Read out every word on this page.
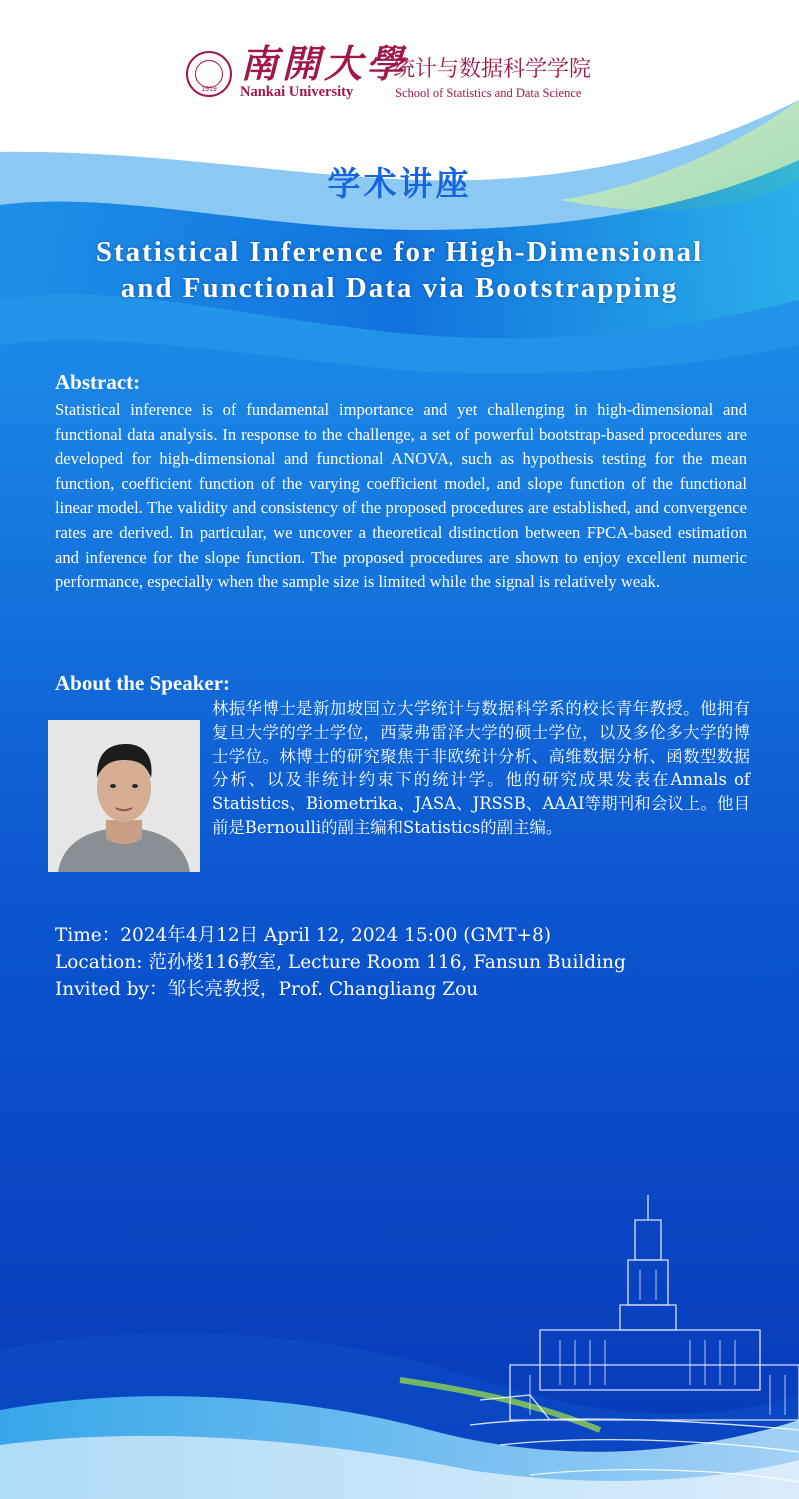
1919
南開大學
Nankai University
统计与数据科学学院
School of Statistics and Data Science
学术讲座
Statistical Inference for High-Dimensional
and Functional Data via Bootstrapping
Abstract:
Statistical inference is of fundamental importance and yet challenging in high-dimensional and functional data analysis. In response to the challenge, a set of powerful bootstrap-based procedures are developed for high-dimensional and functional ANOVA, such as hypothesis testing for the mean function, coefficient function of the varying coefficient model, and slope function of the functional linear model. The validity and consistency of the proposed procedures are established, and convergence rates are derived. In particular, we uncover a theoretical distinction between FPCA-based estimation and inference for the slope function. The proposed procedures are shown to enjoy excellent numeric performance, especially when the sample size is limited while the signal is relatively weak.
About the Speaker:
林振华博士是新加坡国立大学统计与数据科学系的校长青年教授。他拥有复旦大学的学士学位，西蒙弗雷泽大学的硕士学位，以及多伦多大学的博士学位。林博士的研究聚焦于非欧统计分析、高维数据分析、函数型数据分析、以及非统计约束下的统计学。他的研究成果发表在Annals of Statistics、Biometrika、JASA、JRSSB、AAAI等期刊和会议上。他目前是Bernoulli的副主编和Statistics的副主编。
Time：2024年4月12日 April 12, 2024 15:00 (GMT+8)
Location: 范孙楼116教室, Lecture Room 116, Fansun Building
Invited by：邹长亮教授，Prof. Changliang Zou
